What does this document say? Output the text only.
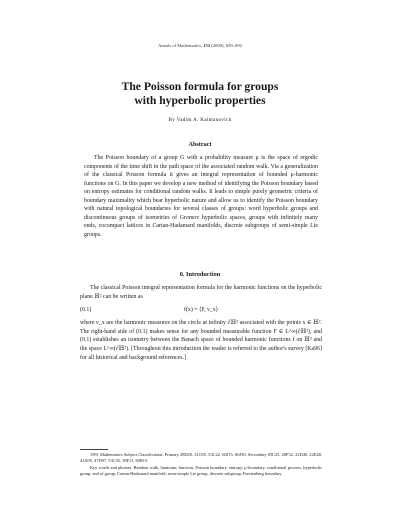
Annals of Mathematics, 152 (2000), 659–692
The Poisson formula for groups
with hyperbolic properties
By Vadim A. Kaimanovich
Abstract

The Poisson boundary of a group G with a probability measure μ is the space of ergodic components of the time shift in the path space of the associated random walk. Via a generalization of the classical Poisson formula it gives an integral representation of bounded μ-harmonic functions on G. In this paper we develop a new method of identifying the Poisson boundary based on entropy estimates for conditional random walks. It leads to simple purely geometric criteria of boundary maximality which bear hyperbolic nature and allow us to identify the Poisson boundary with natural topological boundaries for several classes of groups: word hyperbolic groups and discontinuous groups of isometries of Gromov hyperbolic spaces, groups with infinitely many ends, cocompact lattices in Cartan-Hadamard manifolds, discrete subgroups of semi-simple Lie groups.

0. Introduction

The classical Poisson integral representation formula for the harmonic functions on the hyperbolic plane ℍ² can be written as

(0.1)	f(x) = ⟨F, ν_x⟩

where ν_x are the harmonic measures on the circle at infinity ∂ℍ² associated with the points x ∈ ℍ². The right-hand side of (0.1) makes sense for any bounded measurable function F ∈ L^∞(∂ℍ²), and (0.1) establishes an isometry between the Banach space of bounded harmonic functions f on ℍ² and the space L^∞(∂ℍ²). [Throughout this introduction the reader is referred to the author's survey [Ka96] for all historical and background references.]

1991 Mathematics Subject Classification. Primary 28D20, 31C05, 53C22, 60J15, 60J50; Secondary 05C25, 20F32, 22D40, 22E40, 43A05, 47D07, 53C35, 58F11, 60B15.

Key words and phrases. Random walk, harmonic function, Poisson boundary, entropy, μ-boundary, conditional process, hyperbolic group, end of group, Cartan-Hadamard manifold, semi-simple Lie group, discrete subgroup, Furstenberg boundary.
